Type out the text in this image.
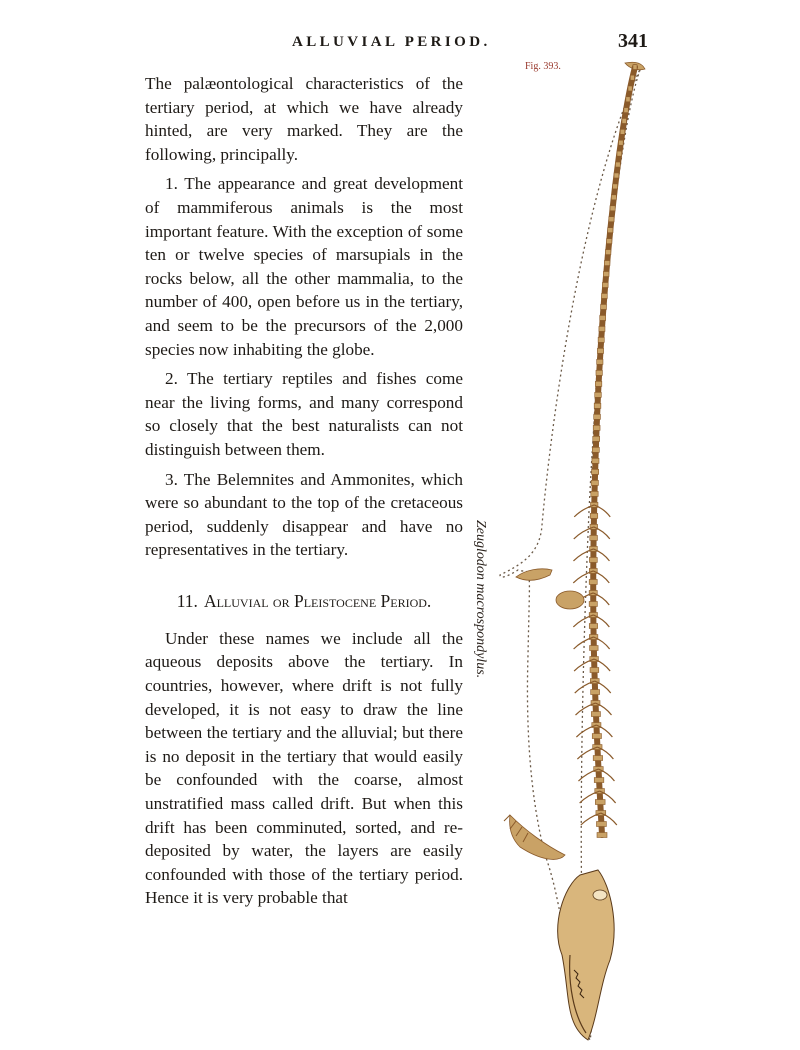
ALLUVIAL PERIOD.	341
Fig. 393.

The palæontological characteristics of the tertiary period, at which we have already hinted, are very marked. They are the following, principally.

1. The appearance and great development of mammiferous animals is the most important feature. With the exception of some ten or twelve species of marsupials in the rocks below, all the other mammalia, to the number of 400, open before us in the tertiary, and seem to be the precursors of the 2,000 species now inhabiting the globe.

2. The tertiary reptiles and fishes come near the living forms, and many correspond so closely that the best naturalists can not distinguish between them.

3. The Belemnites and Ammonites, which were so abundant to the top of the cretaceous period, suddenly disappear and have no representatives in the tertiary.

11. Alluvial or Pleistocene Period.

Under these names we include all the aqueous deposits above the tertiary. In countries, however, where drift is not fully developed, it is not easy to draw the line between the tertiary and the alluvial; but there is no deposit in the tertiary that would easily be confounded with the coarse, almost unstratified mass called drift. But when this drift has been comminuted, sorted, and redeposited by water, the layers are easily confounded with those of the tertiary period. Hence it is very probable that

Zeuglodon macrospondylus.
